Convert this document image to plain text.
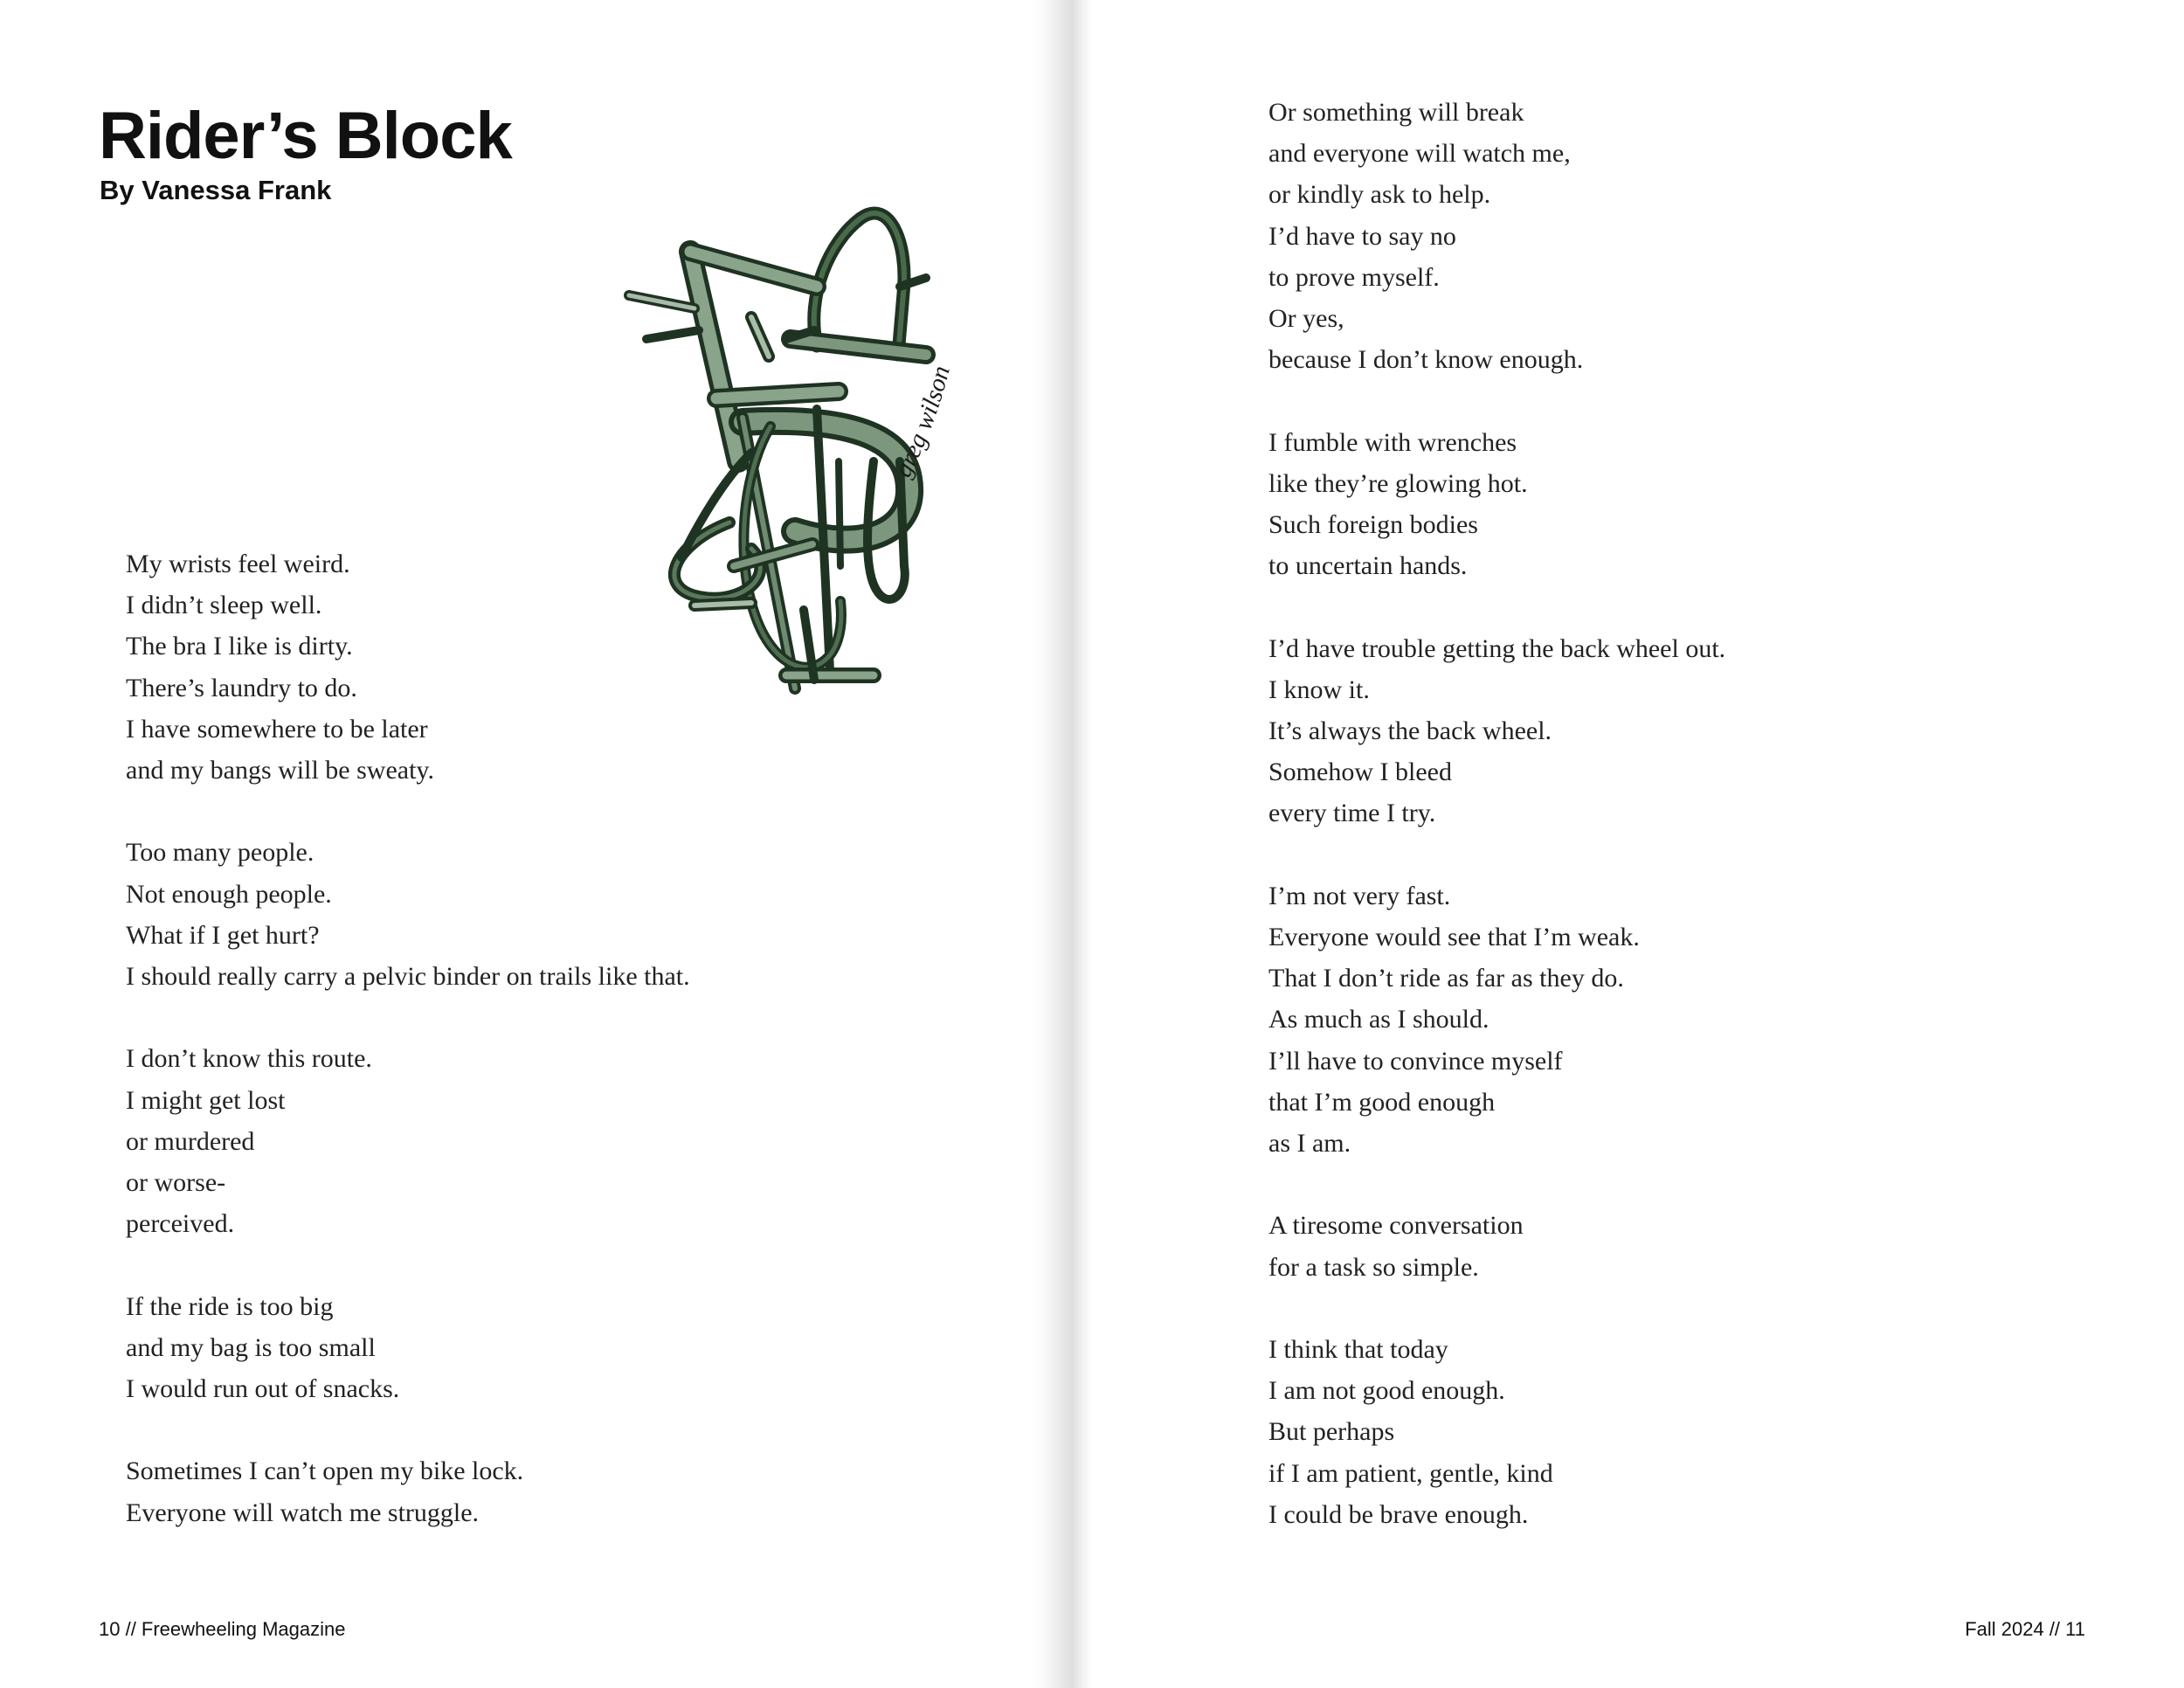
Rider’s Block

By Vanessa Frank

greg wilson
My wrists feel weird.
I didn’t sleep well.
The bra I like is dirty.
There’s laundry to do.
I have somewhere to be later
and my bangs will be sweaty.
Too many people.
Not enough people.
What if I get hurt?
I should really carry a pelvic binder on trails like that.
I don’t know this route.
I might get lost
or murdered
or worse-
perceived.
If the ride is too big
and my bag is too small
I would run out of snacks.
Sometimes I can’t open my bike lock.
Everyone will watch me struggle.
10 // Freewheeling Magazine
Or something will break
and everyone will watch me,
or kindly ask to help.
I’d have to say no
to prove myself.
Or yes,
because I don’t know enough.
I fumble with wrenches
like they’re glowing hot.
Such foreign bodies
to uncertain hands.
I’d have trouble getting the back wheel out.
I know it.
It’s always the back wheel.
Somehow I bleed
every time I try.
I’m not very fast.
Everyone would see that I’m weak.
That I don’t ride as far as they do.
As much as I should.
I’ll have to convince myself
that I’m good enough
as I am.
A tiresome conversation
for a task so simple.
I think that today
I am not good enough.
But perhaps
if I am patient, gentle, kind
I could be brave enough.
Fall 2024 // 11
